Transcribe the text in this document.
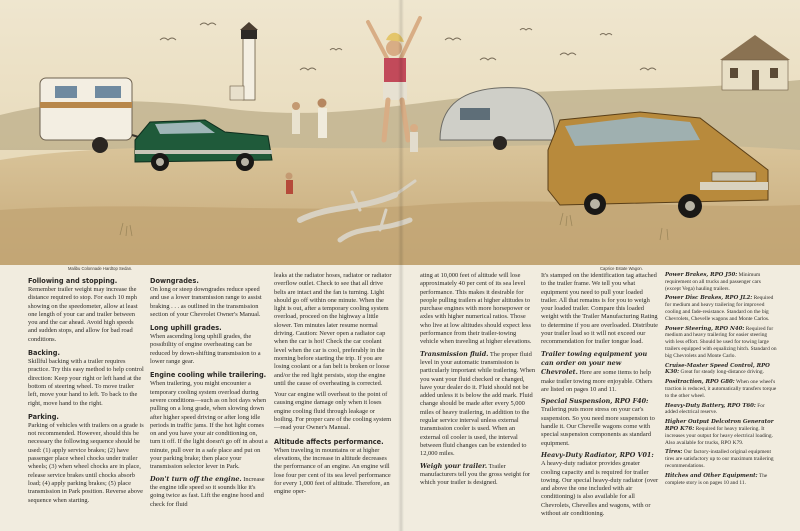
Malibu Colonnade Hardtop Sedan.	Caprice Estate Wagon.
Following and stopping.

Remember trailer weight may increase the distance required to stop. For each 10 mph showing on the speedometer, allow at least one length of your car and trailer between you and the car ahead. Avoid high speeds and sudden stops, and allow for bad road conditions.

Backing.

Skillful backing with a trailer requires practice. Try this easy method to help control direction: Keep your right or left hand at the bottom of steering wheel. To move trailer left, move your hand to left. To back to the right, move hand to the right.

Parking.

Parking of vehicles with trailers on a grade is not recommended. However, should this be necessary the following sequence should be used: (1) apply service brakes; (2) have passenger place wheel chocks under trailer wheels; (3) when wheel chocks are in place, release service brakes until chocks absorb load; (4) apply parking brakes; (5) place transmission in Park position. Reverse above sequence when starting.

Downgrades.

On long or steep downgrades reduce speed and use a lower transmission range to assist braking . . . as outlined in the transmission section of your Chevrolet Owner's Manual.

Long uphill grades.

When ascending long uphill grades, the possibility of engine overheating can be reduced by down-shifting transmission to a lower range gear.

Engine cooling while trailering.

When trailering, you might encounter a temporary cooling system overload during severe conditions—such as on hot days when pulling on a long grade, when slowing down after higher speed driving or after long idle periods in traffic jams. If the hot light comes on and you have your air conditioning on, turn it off. If the light doesn't go off in about a minute, pull over in a safe place and put on your parking brake; then place your transmission selector lever in Park.

Don't turn off the engine. Increase the engine idle speed so it sounds like it's going twice as fast. Lift the engine hood and check for fluid

leaks at the radiator hoses, radiator or radiator overflow outlet. Check to see that all drive belts are intact and the fan is turning. Light should go off within one minute. When the light is out, after a temporary cooling system overload, proceed on the highway a little slower. Ten minutes later resume normal driving. Caution: Never open a radiator cap when the car is hot! Check the car coolant level when the car is cool, preferably in the morning before starting the trip. If you are losing coolant or a fan belt is broken or loose and/or the red light persists, stop the engine until the cause of overheating is corrected.

Your car engine will overheat to the point of causing engine damage only when it loses engine cooling fluid through leakage or boiling. For proper care of the cooling system—read your Owner's Manual.

Altitude affects performance.

When traveling in mountains or at higher elevations, the increase in altitude decreases the performance of an engine. An engine will lose four per cent of its sea level performance for every 1,000 feet of altitude. Therefore, an engine oper-

ating at 10,000 feet of altitude will lose approximately 40 per cent of its sea level performance. This makes it desirable for people pulling trailers at higher altitudes to purchase engines with more horsepower or axles with higher numerical ratios. Those who live at low altitudes should expect less performance from their trailer-towing vehicle when traveling at higher elevations.

Transmission fluid. The proper fluid level in your automatic transmission is particularly important while trailering. When you want your fluid checked or changed, have your dealer do it. Fluid should not be added unless it is below the add mark. Fluid change should be made after every 5,000 miles of heavy trailering, in addition to the regular service interval unless external transmission cooler is used. When an external oil cooler is used, the interval between fluid changes can be extended to 12,000 miles.

Weigh your trailer. Trailer manufacturers tell you the gross weight for which your trailer is designed.

It's stamped on the identification tag attached to the trailer frame. We tell you what equipment you need to pull your loaded trailer. All that remains is for you to weigh your loaded trailer. Compare this loaded weight with the Trailer Manufacturing Rating to determine if you are overloaded. Distribute your trailer load so it will not exceed our recommendation for trailer tongue load.

Trailer towing equipment you can order on your new Chevrolet. Here are some items to help make trailer towing more enjoyable. Others are listed on pages 10 and 11.

Special Suspension, RPO F40: Trailering puts more stress on your car's suspension. So you need more suspension to handle it. Our Chevelle wagons come with special suspension components as standard equipment.

Heavy-Duty Radiator, RPO V01: A heavy-duty radiator provides greater cooling capacity and is required for trailer towing. Our special heavy-duty radiator (over and above the one included with air conditioning) is also available for all Chevrolets, Chevelles and wagons, with or without air conditioning.

Power Brakes, RPO J50: Minimum requirement on all trucks and passenger cars (except Vega) hauling trailers.

Power Disc Brakes, RPO JL2: Required for medium and heavy trailering for improved cooling and fade-resistance. Standard on the big Chevrolets, Chevelle wagons and Monte Carlos.

Power Steering, RPO N40: Required for medium and heavy trailering for easier steering with less effort. Should be used for towing large trailers equipped with equalizing hitch. Standard on big Chevrolets and Monte Carlo.

Cruise-Master Speed Control, RPO K30: Great for steady long-distance driving.

Positraction, RPO G80: When one wheel's traction is reduced, it automatically transfers torque to the other wheel.

Heavy-Duty Battery, RPO T60: For added electrical reserve.

Higher Output Delcotron Generator RPO K76: Required for heavy trailering. It increases your output for heavy electrical loading. Also available for trucks, RPO K79.

Tires: Our factory-installed original equipment tires are satisfactory up to our maximum trailering recommendations.

Hitches and Other Equipment: The complete story is on pages 10 and 11.
